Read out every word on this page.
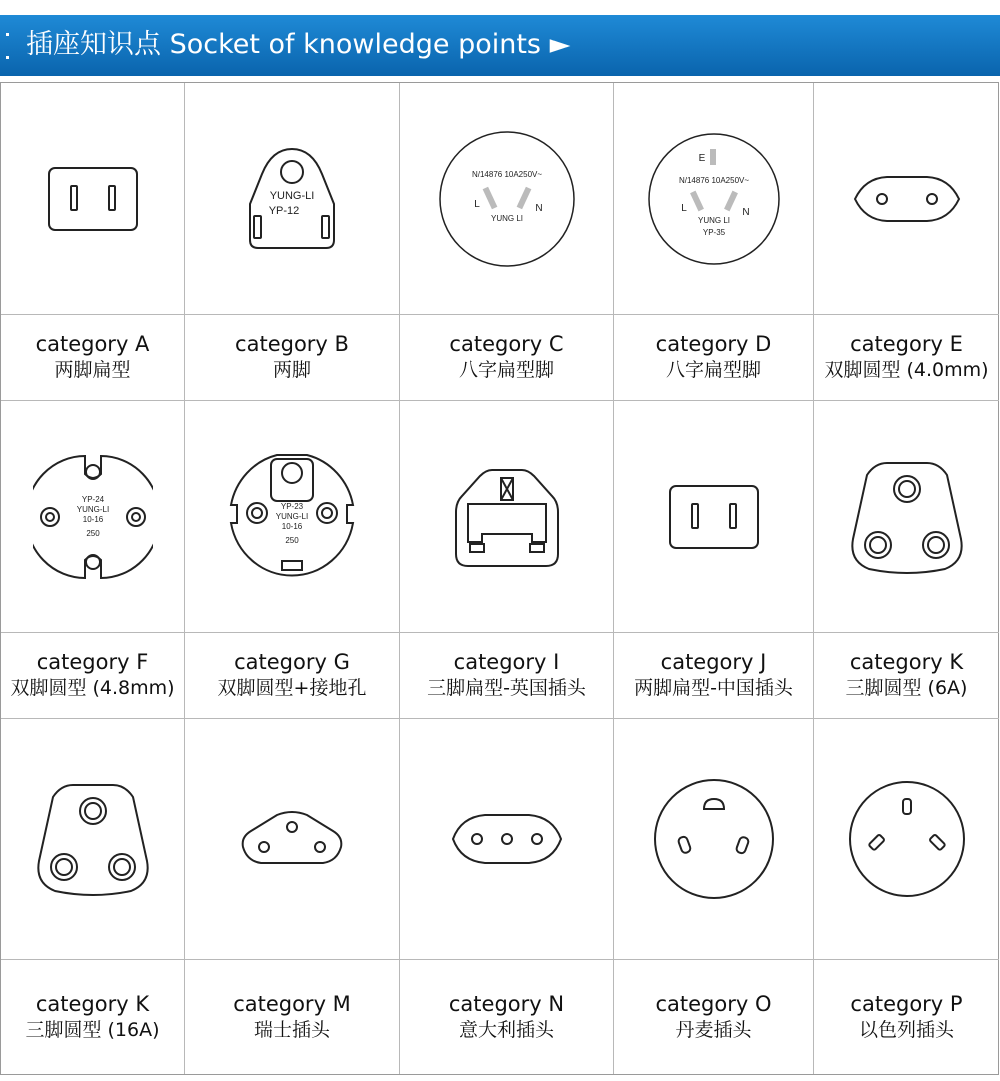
插座知识点 Socket of knowledge points ►
category A
两脚扁型
YUNG-LI
YP-12
category B
两脚
N/14876 10A250V~
L	N
YUNG LI
category C
八字扁型脚
E
N/14876 10A250V~
L	N
YUNG LI
YP-35
category D
八字扁型脚
category E
双脚圆型 (4.0mm)
YP-24
YUNG-LI
10-16
250
category F
双脚圆型 (4.8mm)
YP-23
YUNG-LI
10-16
250
category G
双脚圆型+接地孔
category I
三脚扁型-英国插头
category J
两脚扁型-中国插头
category K
三脚圆型 (6A)
category K
三脚圆型 (16A)
category M
瑞士插头
category N
意大利插头
category O
丹麦插头
category P
以色列插头
